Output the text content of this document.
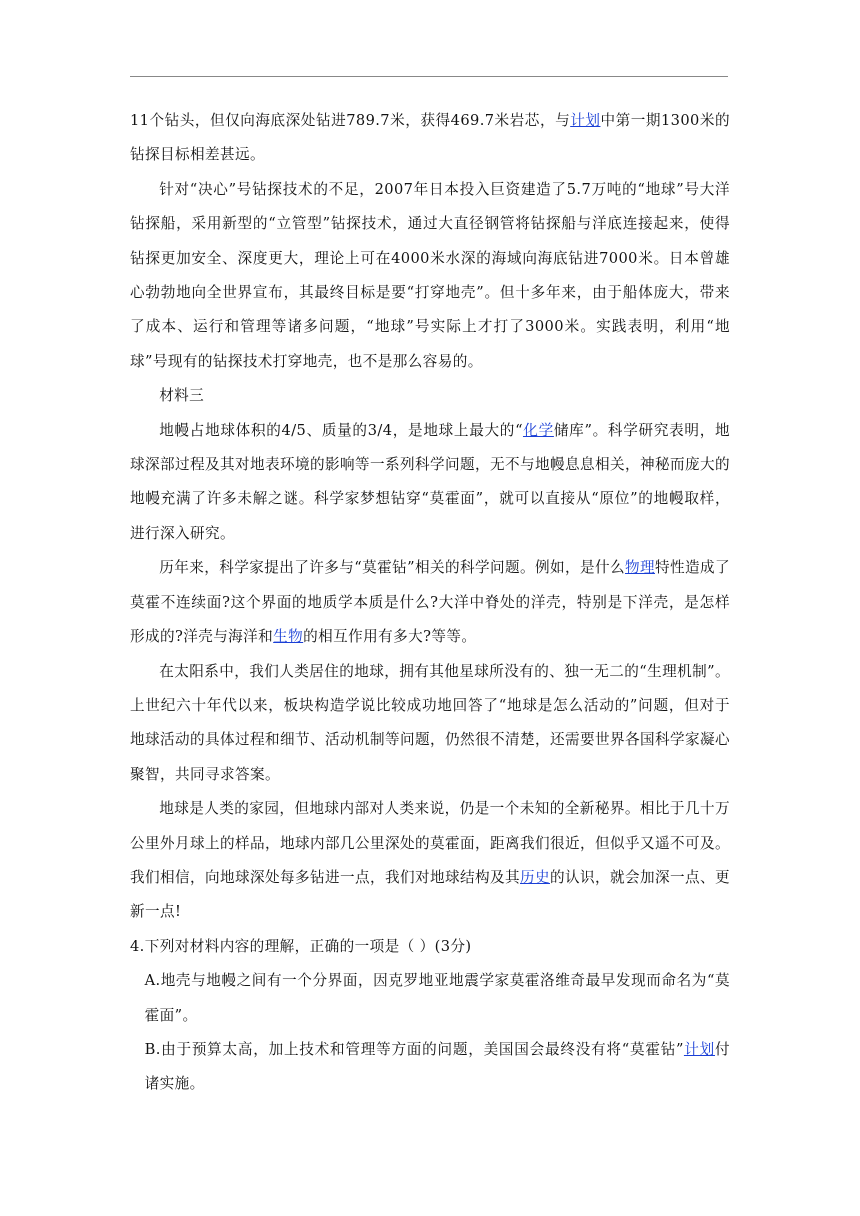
11个钻头，但仅向海底深处钻进789.7米，获得469.7米岩芯，与计划中第一期1300米的钻探目标相差甚远。

针对“决心”号钻探技术的不足，2007年日本投入巨资建造了5.7万吨的“地球”号大洋钻探船，采用新型的“立管型”钻探技术，通过大直径钢管将钻探船与洋底连接起来，使得钻探更加安全、深度更大，理论上可在4000米水深的海域向海底钻进7000米。日本曾雄心勃勃地向全世界宣布，其最终目标是要“打穿地壳”。但十多年来，由于船体庞大，带来了成本、运行和管理等诸多问题，“地球”号实际上才打了3000米。实践表明，利用“地球”号现有的钻探技术打穿地壳，也不是那么容易的。

材料三

地幔占地球体积的4/5、质量的3/4，是地球上最大的“化学储库”。科学研究表明，地球深部过程及其对地表环境的影响等一系列科学问题，无不与地幔息息相关，神秘而庞大的地幔充满了许多未解之谜。科学家梦想钻穿“莫霍面”，就可以直接从“原位”的地幔取样，进行深入研究。

历年来，科学家提出了许多与“莫霍钻”相关的科学问题。例如，是什么物理特性造成了莫霍不连续面?这个界面的地质学本质是什么?大洋中脊处的洋壳，特别是下洋壳，是怎样形成的?洋壳与海洋和生物的相互作用有多大?等等。

在太阳系中，我们人类居住的地球，拥有其他星球所没有的、独一无二的“生理机制”。上世纪六十年代以来，板块构造学说比较成功地回答了“地球是怎么活动的”问题，但对于地球活动的具体过程和细节、活动机制等问题，仍然很不清楚，还需要世界各国科学家凝心聚智，共同寻求答案。

地球是人类的家园，但地球内部对人类来说，仍是一个未知的全新秘界。相比于几十万公里外月球上的样品，地球内部几公里深处的莫霍面，距离我们很近，但似乎又遥不可及。我们相信，向地球深处每多钻进一点，我们对地球结构及其历史的认识，就会加深一点、更新一点!

4.下列对材料内容的理解，正确的一项是（ ）(3分)

A.地壳与地幔之间有一个分界面，因克罗地亚地震学家莫霍洛维奇最早发现而命名为“莫霍面”。

B.由于预算太高，加上技术和管理等方面的问题，美国国会最终没有将“莫霍钻”计划付诸实施。
